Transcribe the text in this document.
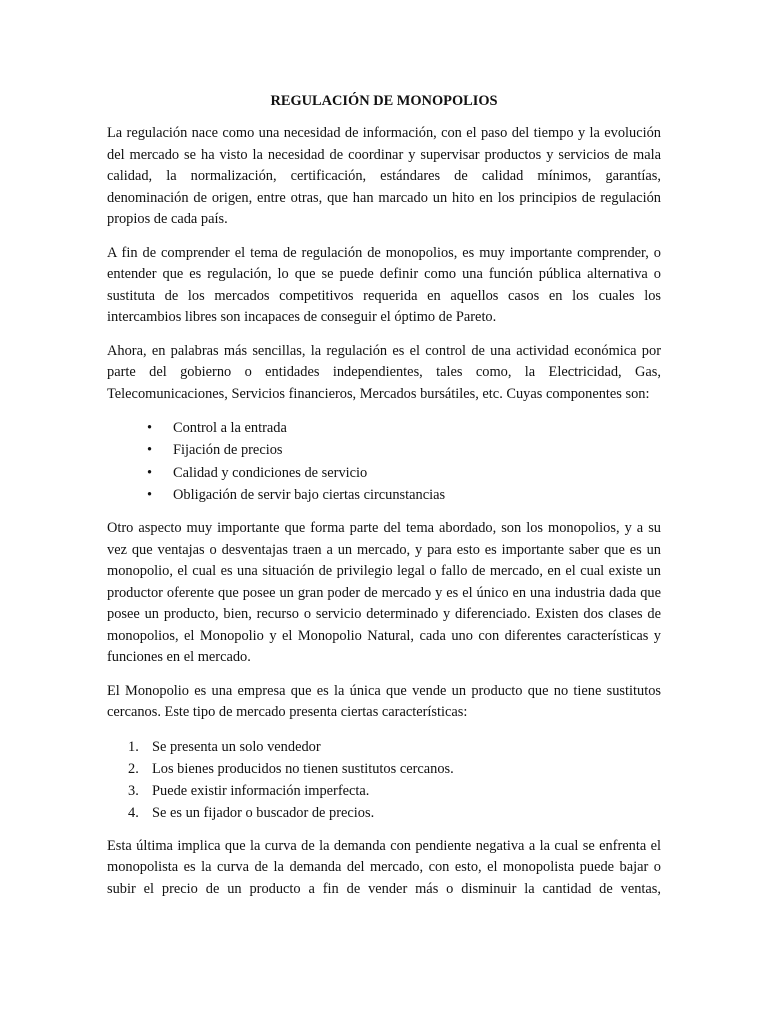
REGULACIÓN DE MONOPOLIOS

La regulación nace como una necesidad de información, con el paso del tiempo y la evolución del mercado se ha visto la necesidad de coordinar y supervisar productos y servicios de mala calidad, la normalización, certificación, estándares de calidad mínimos, garantías, denominación de origen, entre otras, que han marcado un hito en los principios de regulación propios de cada país.

A fin de comprender el tema de regulación de monopolios, es muy importante comprender, o entender que es regulación, lo que se puede definir como una función pública alternativa o sustituta de los mercados competitivos requerida en aquellos casos en los cuales los intercambios libres son incapaces de conseguir el óptimo de Pareto.

Ahora, en palabras más sencillas, la regulación es el control de una actividad económica por parte del gobierno o entidades independientes, tales como, la Electricidad, Gas, Telecomunicaciones, Servicios financieros, Mercados bursátiles, etc. Cuyas componentes son:

• Control a la entrada
• Fijación de precios
• Calidad y condiciones de servicio
• Obligación de servir bajo ciertas circunstancias

Otro aspecto muy importante que forma parte del tema abordado, son los monopolios, y a su vez que ventajas o desventajas traen a un mercado, y para esto es importante saber que es un monopolio, el cual es una situación de privilegio legal o fallo de mercado, en el cual existe un productor oferente que posee un gran poder de mercado y es el único en una industria dada que posee un producto, bien, recurso o servicio determinado y diferenciado. Existen dos clases de monopolios, el Monopolio y el Monopolio Natural, cada uno con diferentes características y funciones en el mercado.

El Monopolio es una empresa que es la única que vende un producto que no tiene sustitutos cercanos. Este tipo de mercado presenta ciertas características:

1. Se presenta un solo vendedor
2. Los bienes producidos no tienen sustitutos cercanos.
3. Puede existir información imperfecta.
4. Se es un fijador o buscador de precios.

Esta última implica que la curva de la demanda con pendiente negativa a la cual se enfrenta el monopolista es la curva de la demanda del mercado, con esto, el monopolista puede bajar o subir el precio de un producto a fin de vender más o disminuir la cantidad de ventas,
